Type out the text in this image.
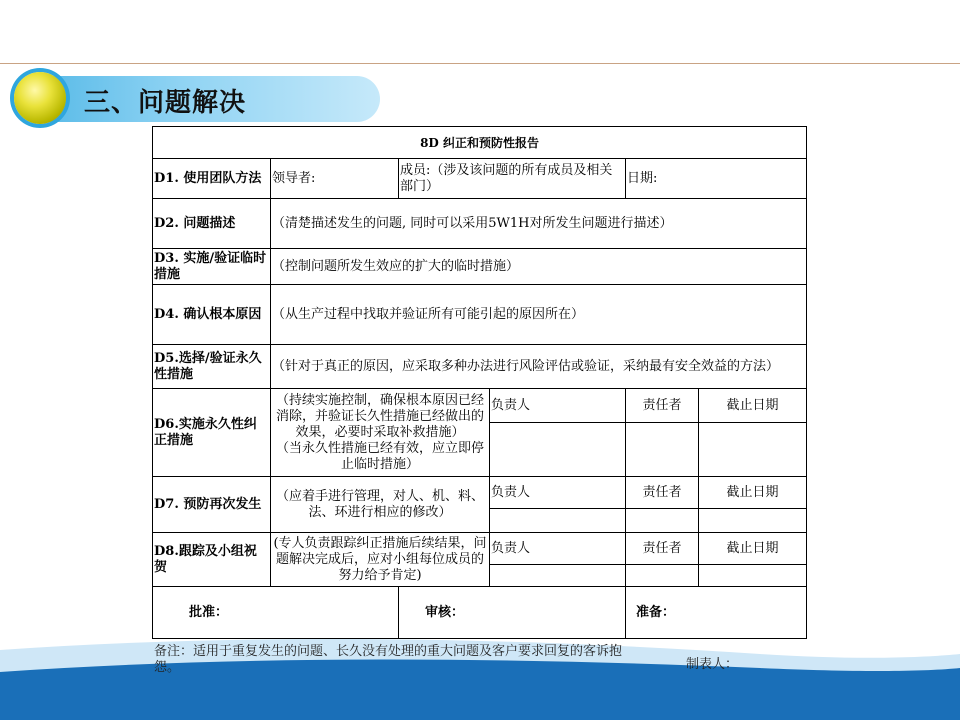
三、问题解决
8D 纠正和预防性报告					
D1. 使用团队方法	领导者:	成员:（涉及该问题的所有成员及相关部门）		日期:	
D2. 问题描述	（清楚描述发生的问题, 同时可以采用5W1H对所发生问题进行描述）				
D3. 实施/验证临时措施	（控制问题所发生效应的扩大的临时措施）				
D4. 确认根本原因	（从生产过程中找取并验证所有可能引起的原因所在）				
D5.选择/验证永久性措施	（针对于真正的原因，应采取多种办法进行风险评估或验证，采纳最有安全效益的方法）				
D6.实施永久性纠正措施	（持续实施控制，确保根本原因已经消除，并验证长久性措施已经做出的效果，必要时采取补救措施）
（当永久性措施已经有效，应立即停止临时措施）		负责人	责任者	截止日期

D7. 预防再次发生	（应着手进行管理，对人、机、料、法、环进行相应的修改）		负责人	责任者	截止日期

D8.跟踪及小组祝贺	(专人负责跟踪纠正措施后续结果，问题解决完成后，应对小组每位成员的努力给予肯定)		负责人	责任者	截止日期

批准：		审核：		准备：	
备注：适用于重复发生的问题、长久没有处理的重大问题及客户要求回复的客诉抱怨。	制表人：
